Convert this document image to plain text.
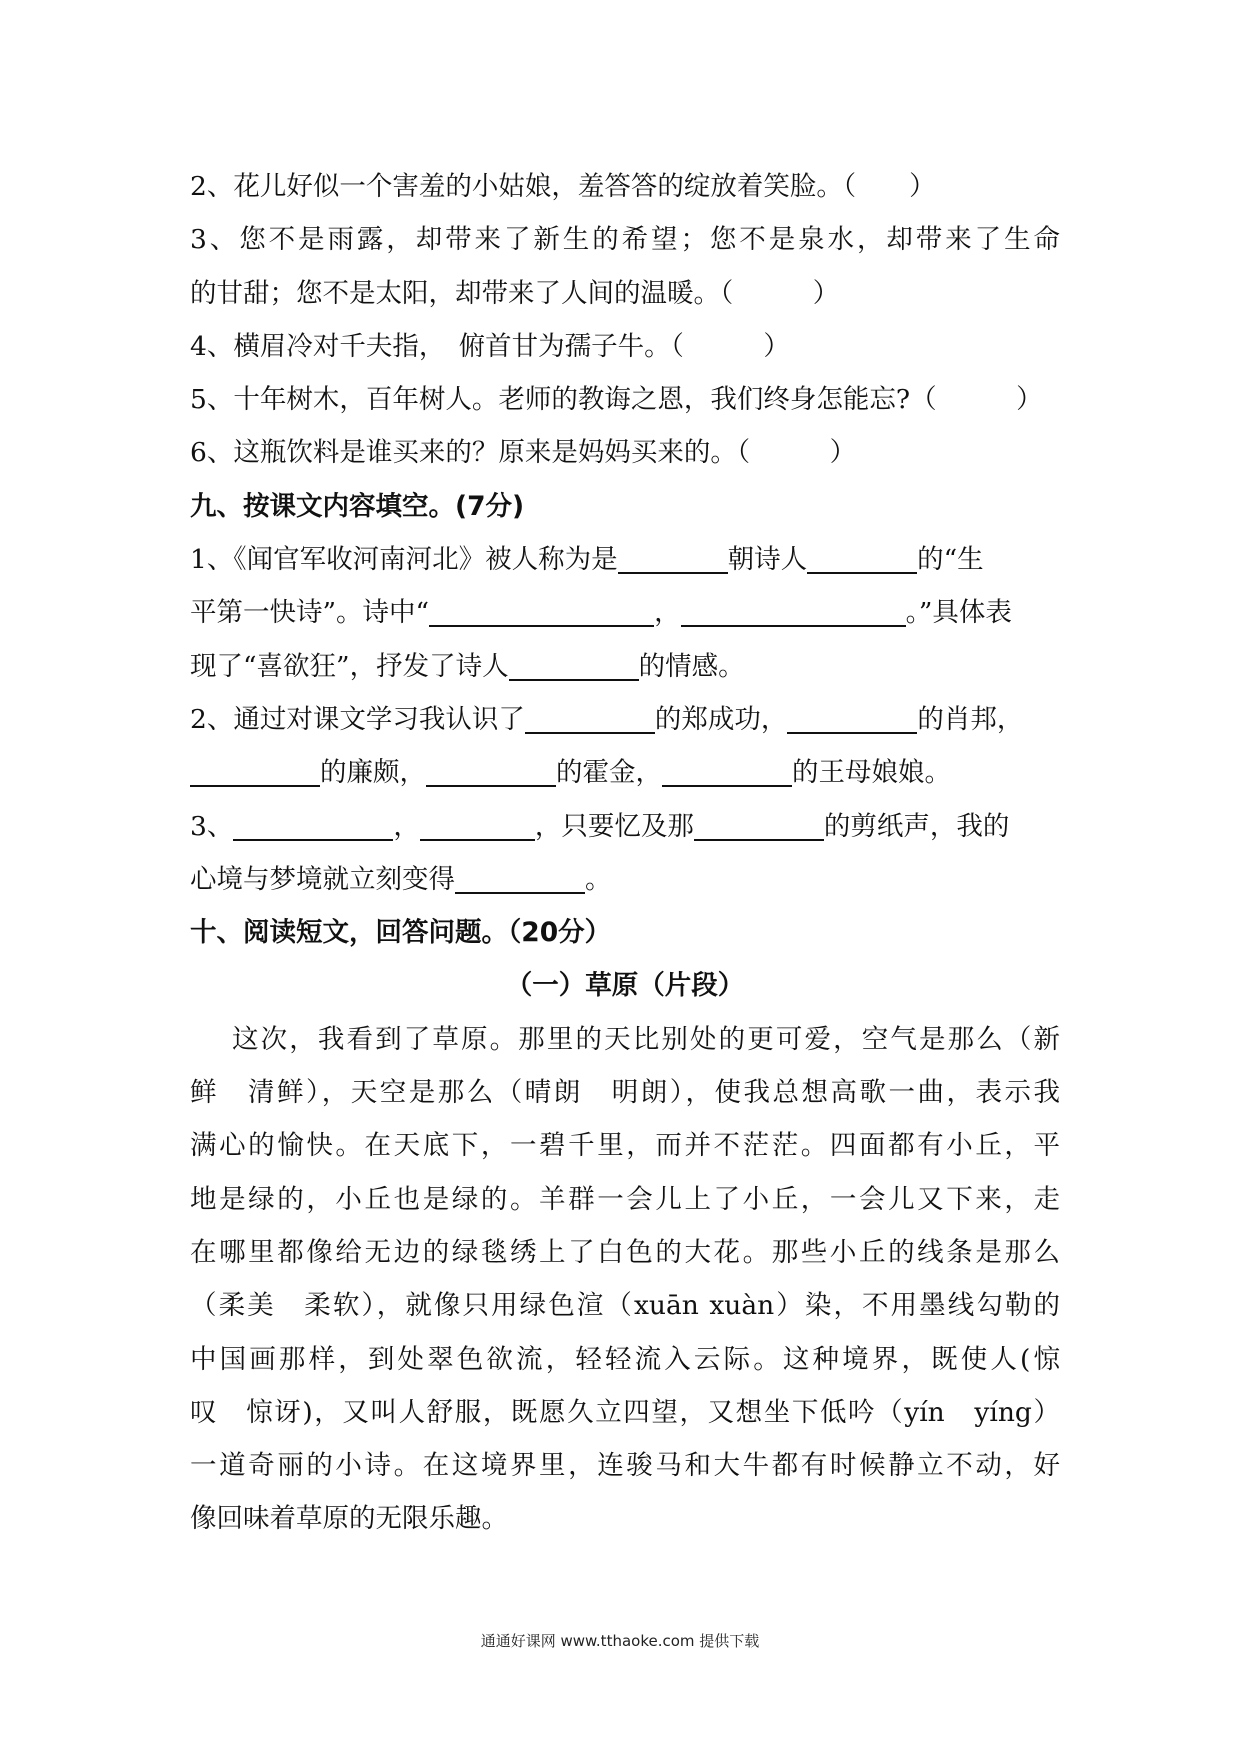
2、花儿好似一个害羞的小姑娘，羞答答的绽放着笑脸。（　　）
3、您不是雨露，却带来了新生的希望；您不是泉水，却带来了生命
的甘甜；您不是太阳，却带来了人间的温暖。（　　　）
4、横眉冷对千夫指，　俯首甘为孺子牛。（　　　）
5、十年树木，百年树人。老师的教诲之恩，我们终身怎能忘?（　　　）
6、这瓶饮料是谁买来的？原来是妈妈买来的。（　　　）
九、按课文内容填空。(7分)
1、《闻官军收河南河北》被人称为是	朝诗人	的“生
平第一快诗”。诗中“	，	。”具体表
现了“喜欲狂”，抒发了诗人	的情感。
2、通过对课文学习我认识了	的郑成功，	的肖邦，
的廉颇，	的霍金，	的王母娘娘。
3、	，	，只要忆及那	的剪纸声，我的
心境与梦境就立刻变得	。
十、阅读短文，回答问题。（20分）
（一）草原（片段）
这次，我看到了草原。那里的天比别处的更可爱，空气是那么（新
鲜　清鲜），天空是那么（晴朗　明朗），使我总想高歌一曲，表示我
满心的愉快。在天底下，一碧千里，而并不茫茫。四面都有小丘，平
地是绿的，小丘也是绿的。羊群一会儿上了小丘，一会儿又下来，走
在哪里都像给无边的绿毯绣上了白色的大花。那些小丘的线条是那么
（柔美　柔软），就像只用绿色渲（xuān xuàn）染，不用墨线勾勒的
中国画那样，到处翠色欲流，轻轻流入云际。这种境界，既使人(惊
叹　惊讶)，又叫人舒服，既愿久立四望，又想坐下低吟（yín　yíng）
一道奇丽的小诗。在这境界里，连骏马和大牛都有时候静立不动，好
像回味着草原的无限乐趣。
通通好课网 www.tthaoke.com 提供下载
